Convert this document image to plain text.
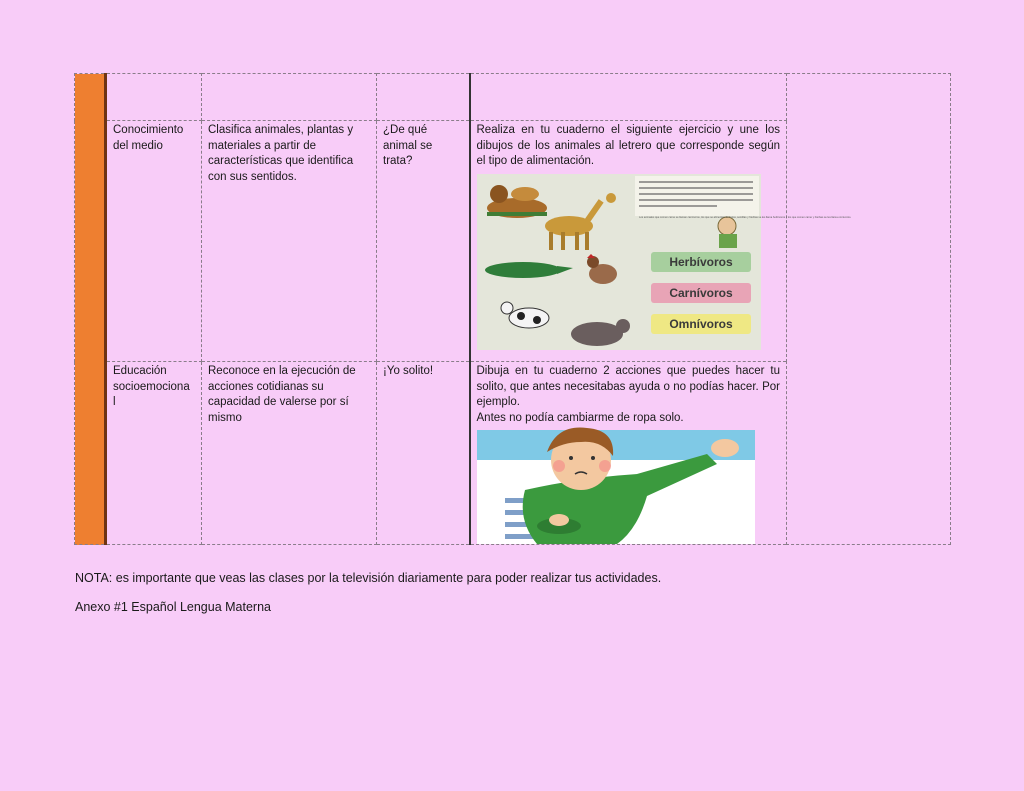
	Conocimiento del medio	Clasifica animales, plantas y materiales a partir de características que identifica con sus sentidos.	¿De qué animal se trata?	Realiza en tu cuaderno el siguiente ejercicio y une los dibujos de los animales al letrero que corresponde según el tipo de alimentación.
Herbívoros
Carnívoros
Omnívoros
Los animales que comen carne se llaman carnívoros, los que se alimentan de frutos, semillas y hierbas se les llama herbívoros y los que comen carne y hierbas se les llama omnívoros.	

	Educación socioemociona l	Reconoce en la ejecución de acciones cotidianas su capacidad de valerse por sí mismo	¡Yo solito!	Dibuja en tu cuaderno 2 acciones que puedes hacer tu solito, que antes necesitabas ayuda o no podías hacer. Por ejemplo.
Antes no podía cambiarme de ropa solo.	
NOTA: es importante que veas las clases por la televisión diariamente para poder realizar tus actividades.
Anexo #1 Español Lengua Materna
